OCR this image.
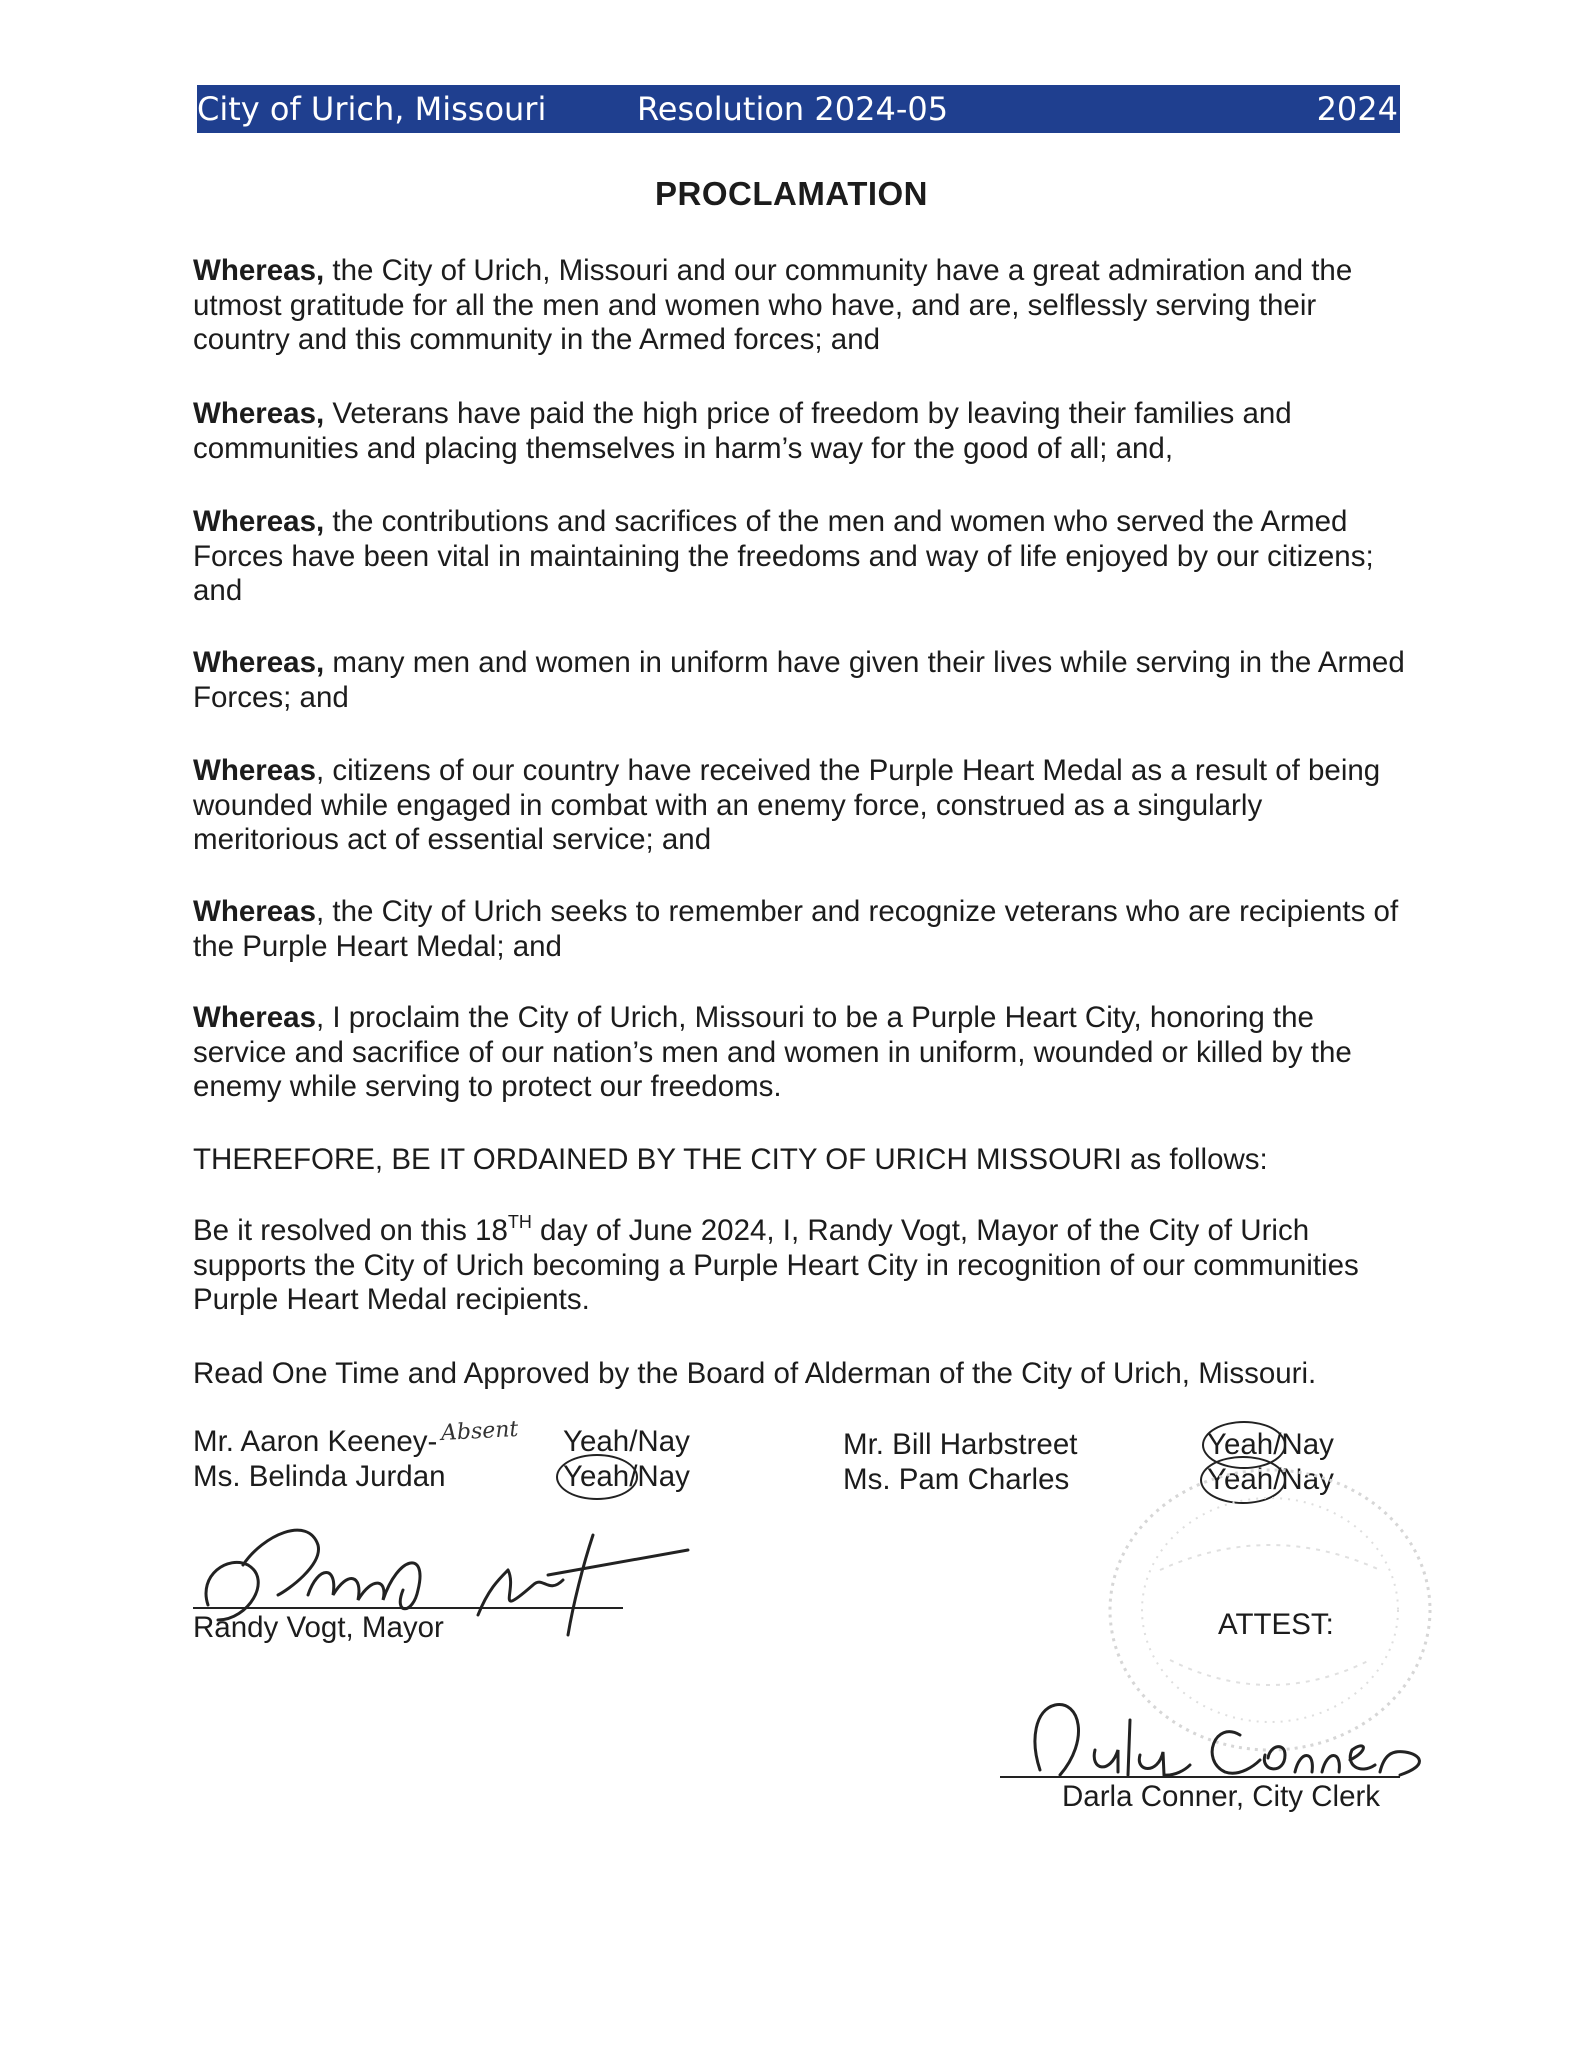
City of Urich, Missouri	Resolution 2024-05	2024
PROCLAMATION
Whereas, the City of Urich, Missouri and our community have a great admiration and the utmost gratitude for all the men and women who have, and are, selflessly serving their country and this community in the Armed forces; and
Whereas, Veterans have paid the high price of freedom by leaving their families and communities and placing themselves in harm’s way for the good of all; and,
Whereas, the contributions and sacrifices of the men and women who served the Armed Forces have been vital in maintaining the freedoms and way of life enjoyed by our citizens; and
Whereas, many men and women in uniform have given their lives while serving in the Armed Forces; and
Whereas, citizens of our country have received the Purple Heart Medal as a result of being wounded while engaged in combat with an enemy force, construed as a singularly meritorious act of essential service; and
Whereas, the City of Urich seeks to remember and recognize veterans who are recipients of the Purple Heart Medal; and
Whereas, I proclaim the City of Urich, Missouri to be a Purple Heart City, honoring the service and sacrifice of our nation’s men and women in uniform, wounded or killed by the enemy while serving to protect our freedoms.
THEREFORE, BE IT ORDAINED BY THE CITY OF URICH MISSOURI as follows:
Be it resolved on this 18TH day of June 2024, I, Randy Vogt, Mayor of the City of Urich supports the City of Urich becoming a Purple Heart City in recognition of our communities Purple Heart Medal recipients.
Read One Time and Approved by the Board of Alderman of the City of Urich, Missouri.
Mr. Aaron Keeney- Absent Yeah/Nay
Ms. Belinda Jurdan	Yeah/Nay
Mr. Bill Harbstreet	Yeah/Nay
Ms. Pam Charles	Yeah/Nay
Randy Vogt, Mayor	ATTEST:
Darla Conner, City Clerk
